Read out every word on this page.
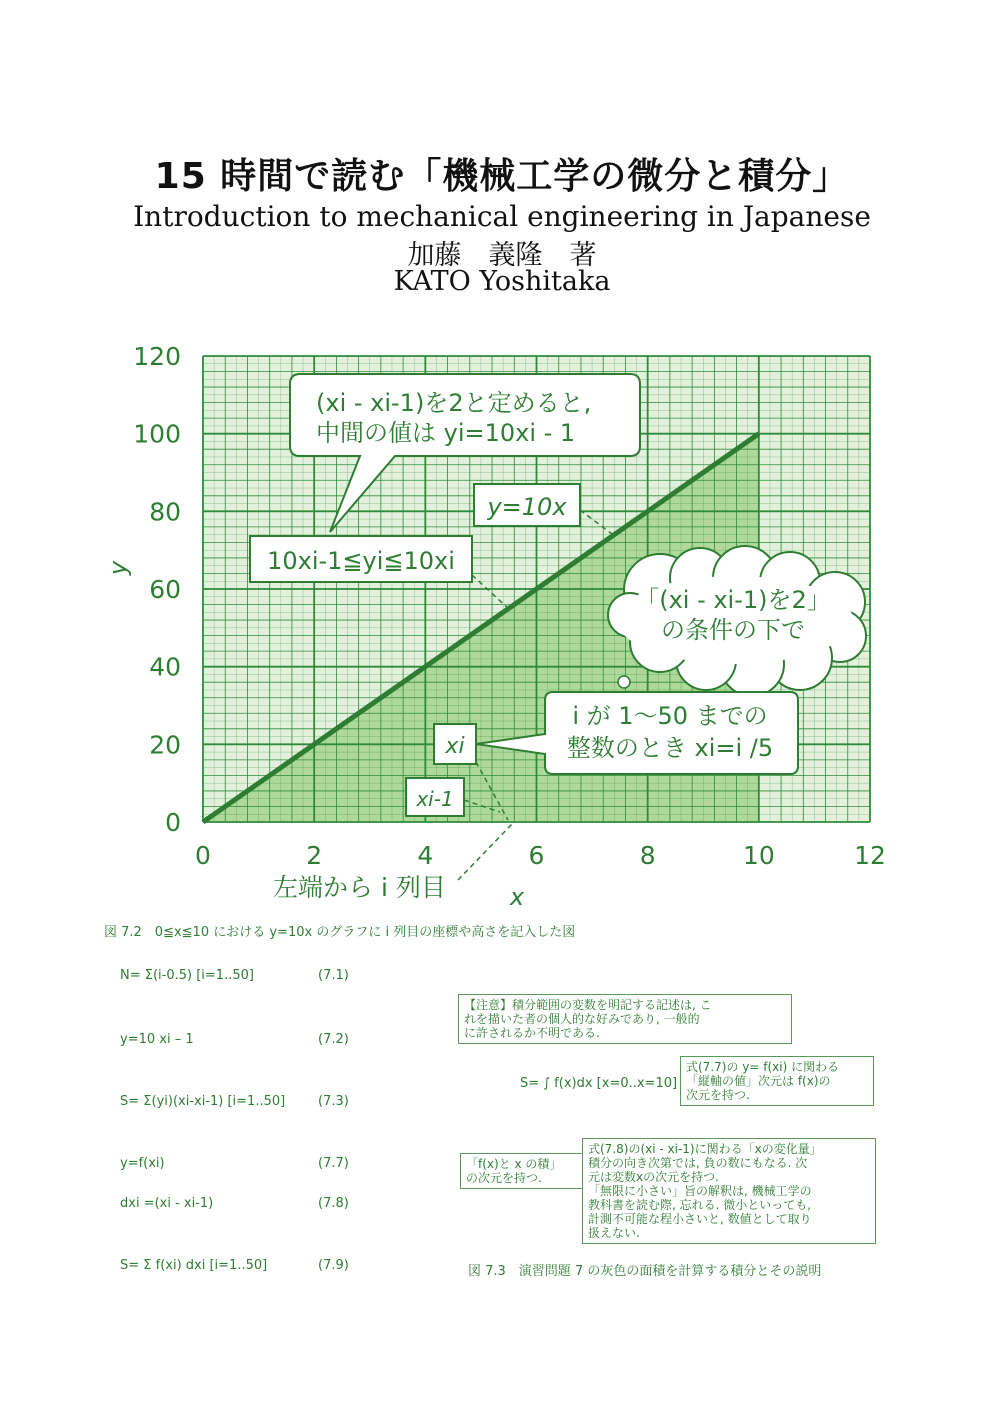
15 時間で読む「機械工学の微分と積分」
Introduction to mechanical engineering in Japanese
加藤　義隆　著
KATO Yoshitaka
0	2	4	6	8	10	12
0
20
40
60
80
100
120
x
y
(xi - xi-1)を2と定めると,
中間の値は yi=10xi - 1
y=10x
10xi-1≦yi≦10xi
「(xi - xi-1)を2」
の条件の下で
i が 1～50 までの
整数のとき xi=i /5
xi
xi-1
左端から i 列目
図 7.2　0≦x≦10 における y=10x のグラフに i 列目の座標や高さを記入した図
N= Σ(i-0.5) [i=1..50]	(7.1)
y=10 xi – 1	(7.2)
S= Σ(yi)(xi-xi-1) [i=1..50]	(7.3)
y=f(xi)	(7.7)
dxi =(xi - xi-1)	(7.8)
S= Σ f(xi) dxi [i=1..50]	(7.9)
【注意】積分範囲の変数を明記する記述は, こ
れを描いた者の個人的な好みであり, 一般的
に許されるか不明である.
式(7.7)の y= f(xi) に関わる
「縦軸の値」次元は f(x)の
次元を持つ.
S= ∫ f(x)dx [x=0..x=10]
「f(x)と x の積」
の次元を持つ.
式(7.8)の(xi - xi-1)に関わる「xの変化量」
積分の向き次第では, 負の数にもなる. 次
元は変数xの次元を持つ.
「無限に小さい」旨の解釈は, 機械工学の
教科書を読む際, 忘れる. 微小といっても,
計測不可能な程小さいと, 数値として取り
扱えない.
図 7.3　演習問題 7 の灰色の面積を計算する積分とその説明
